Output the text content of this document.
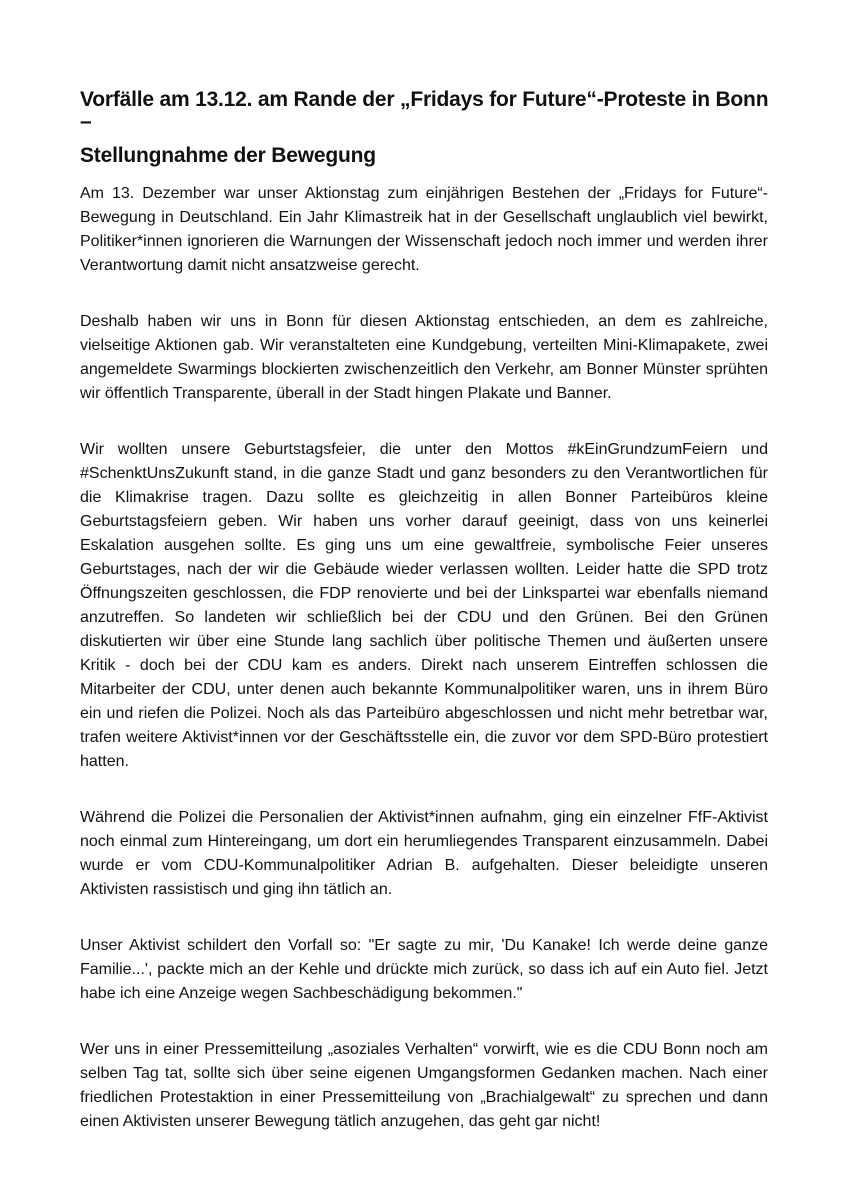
Vorfälle am 13.12. am Rande der „Fridays for Future“-Proteste in Bonn
–
Stellungnahme der Bewegung

Am 13. Dezember war unser Aktionstag zum einjährigen Bestehen der „Fridays for Future“-Bewegung in Deutschland. Ein Jahr Klimastreik hat in der Gesellschaft unglaublich viel bewirkt, Politiker*innen ignorieren die Warnungen der Wissenschaft jedoch noch immer und werden ihrer Verantwortung damit nicht ansatzweise gerecht.

Deshalb haben wir uns in Bonn für diesen Aktionstag entschieden, an dem es zahlreiche, vielseitige Aktionen gab. Wir veranstalteten eine Kundgebung, verteilten Mini-Klimapakete, zwei angemeldete Swarmings blockierten zwischenzeitlich den Verkehr, am Bonner Münster sprühten wir öffentlich Transparente, überall in der Stadt hingen Plakate und Banner.

Wir wollten unsere Geburtstagsfeier, die unter den Mottos #kEinGrundzumFeiern und #SchenktUnsZukunft stand, in die ganze Stadt und ganz besonders zu den Verantwortlichen für die Klimakrise tragen. Dazu sollte es gleichzeitig in allen Bonner Parteibüros kleine Geburtstagsfeiern geben. Wir haben uns vorher darauf geeinigt, dass von uns keinerlei Eskalation ausgehen sollte. Es ging uns um eine gewaltfreie, symbolische Feier unseres Geburtstages, nach der wir die Gebäude wieder verlassen wollten. Leider hatte die SPD trotz Öffnungszeiten geschlossen, die FDP renovierte und bei der Linkspartei war ebenfalls niemand anzutreffen. So landeten wir schließlich bei der CDU und den Grünen. Bei den Grünen diskutierten wir über eine Stunde lang sachlich über politische Themen und äußerten unsere Kritik - doch bei der CDU kam es anders. Direkt nach unserem Eintreffen schlossen die Mitarbeiter der CDU, unter denen auch bekannte Kommunalpolitiker waren, uns in ihrem Büro ein und riefen die Polizei. Noch als das Parteibüro abgeschlossen und nicht mehr betretbar war, trafen weitere Aktivist*innen vor der Geschäftsstelle ein, die zuvor vor dem SPD-Büro protestiert hatten.

Während die Polizei die Personalien der Aktivist*innen aufnahm, ging ein einzelner FfF-Aktivist noch einmal zum Hintereingang, um dort ein herumliegendes Transparent einzusammeln. Dabei wurde er vom CDU-Kommunalpolitiker Adrian B. aufgehalten. Dieser beleidigte unseren Aktivisten rassistisch und ging ihn tätlich an.

Unser Aktivist schildert den Vorfall so: "Er sagte zu mir, 'Du Kanake! Ich werde deine ganze Familie...', packte mich an der Kehle und drückte mich zurück, so dass ich auf ein Auto fiel. Jetzt habe ich eine Anzeige wegen Sachbeschädigung bekommen."

Wer uns in einer Pressemitteilung „asoziales Verhalten“ vorwirft, wie es die CDU Bonn noch am selben Tag tat, sollte sich über seine eigenen Umgangsformen Gedanken machen. Nach einer friedlichen Protestaktion in einer Pressemitteilung von „Brachialgewalt“ zu sprechen und dann einen Aktivisten unserer Bewegung tätlich anzugehen, das geht gar nicht!
